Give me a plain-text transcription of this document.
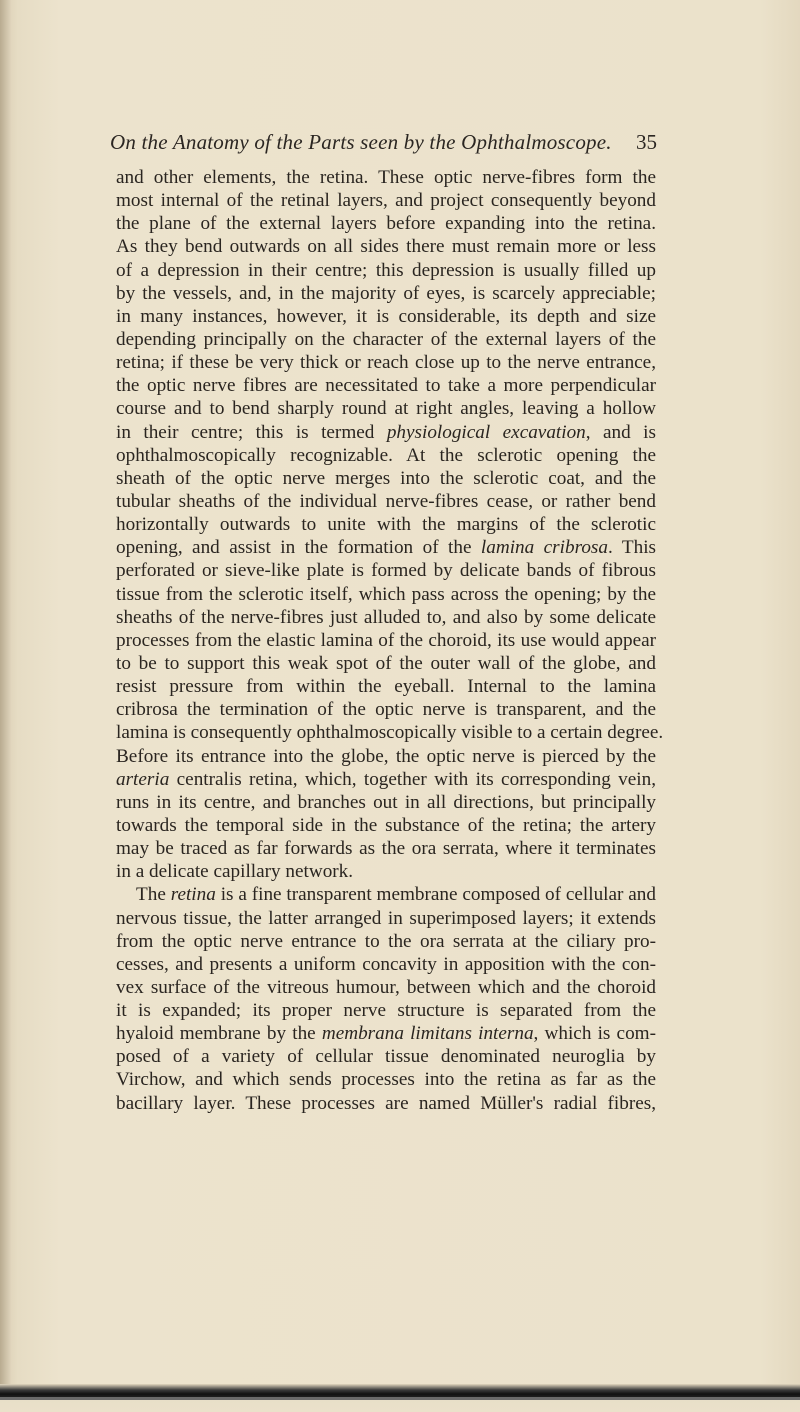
On the Anatomy of the Parts seen by the Ophthalmoscope.	35
and other elements, the retina. These optic nerve-fibres form the
most internal of the retinal layers, and project consequently beyond
the plane of the external layers before expanding into the retina.
As they bend outwards on all sides there must remain more or less
of a depression in their centre; this depression is usually filled up
by the vessels, and, in the majority of eyes, is scarcely appreciable;
in many instances, however, it is considerable, its depth and size
depending principally on the character of the external layers of the
retina; if these be very thick or reach close up to the nerve entrance,
the optic nerve fibres are necessitated to take a more perpendicular
course and to bend sharply round at right angles, leaving a hollow
in their centre; this is termed physiological excavation, and is
ophthalmoscopically recognizable. At the sclerotic opening the
sheath of the optic nerve merges into the sclerotic coat, and the
tubular sheaths of the individual nerve-fibres cease, or rather bend
horizontally outwards to unite with the margins of the sclerotic
opening, and assist in the formation of the lamina cribrosa. This
perforated or sieve-like plate is formed by delicate bands of fibrous
tissue from the sclerotic itself, which pass across the opening; by the
sheaths of the nerve-fibres just alluded to, and also by some delicate
processes from the elastic lamina of the choroid, its use would appear
to be to support this weak spot of the outer wall of the globe, and
resist pressure from within the eyeball. Internal to the lamina
cribrosa the termination of the optic nerve is transparent, and the
lamina is consequently ophthalmoscopically visible to a certain degree.
Before its entrance into the globe, the optic nerve is pierced by the
arteria centralis retina, which, together with its corresponding vein,
runs in its centre, and branches out in all directions, but principally
towards the temporal side in the substance of the retina; the artery
may be traced as far forwards as the ora serrata, where it terminates
in a delicate capillary network.
The retina is a fine transparent membrane composed of cellular and
nervous tissue, the latter arranged in superimposed layers; it extends
from the optic nerve entrance to the ora serrata at the ciliary pro-
cesses, and presents a uniform concavity in apposition with the con-
vex surface of the vitreous humour, between which and the choroid
it is expanded; its proper nerve structure is separated from the
hyaloid membrane by the membrana limitans interna, which is com-
posed of a variety of cellular tissue denominated neuroglia by
Virchow, and which sends processes into the retina as far as the
bacillary layer. These processes are named Müller's radial fibres,
